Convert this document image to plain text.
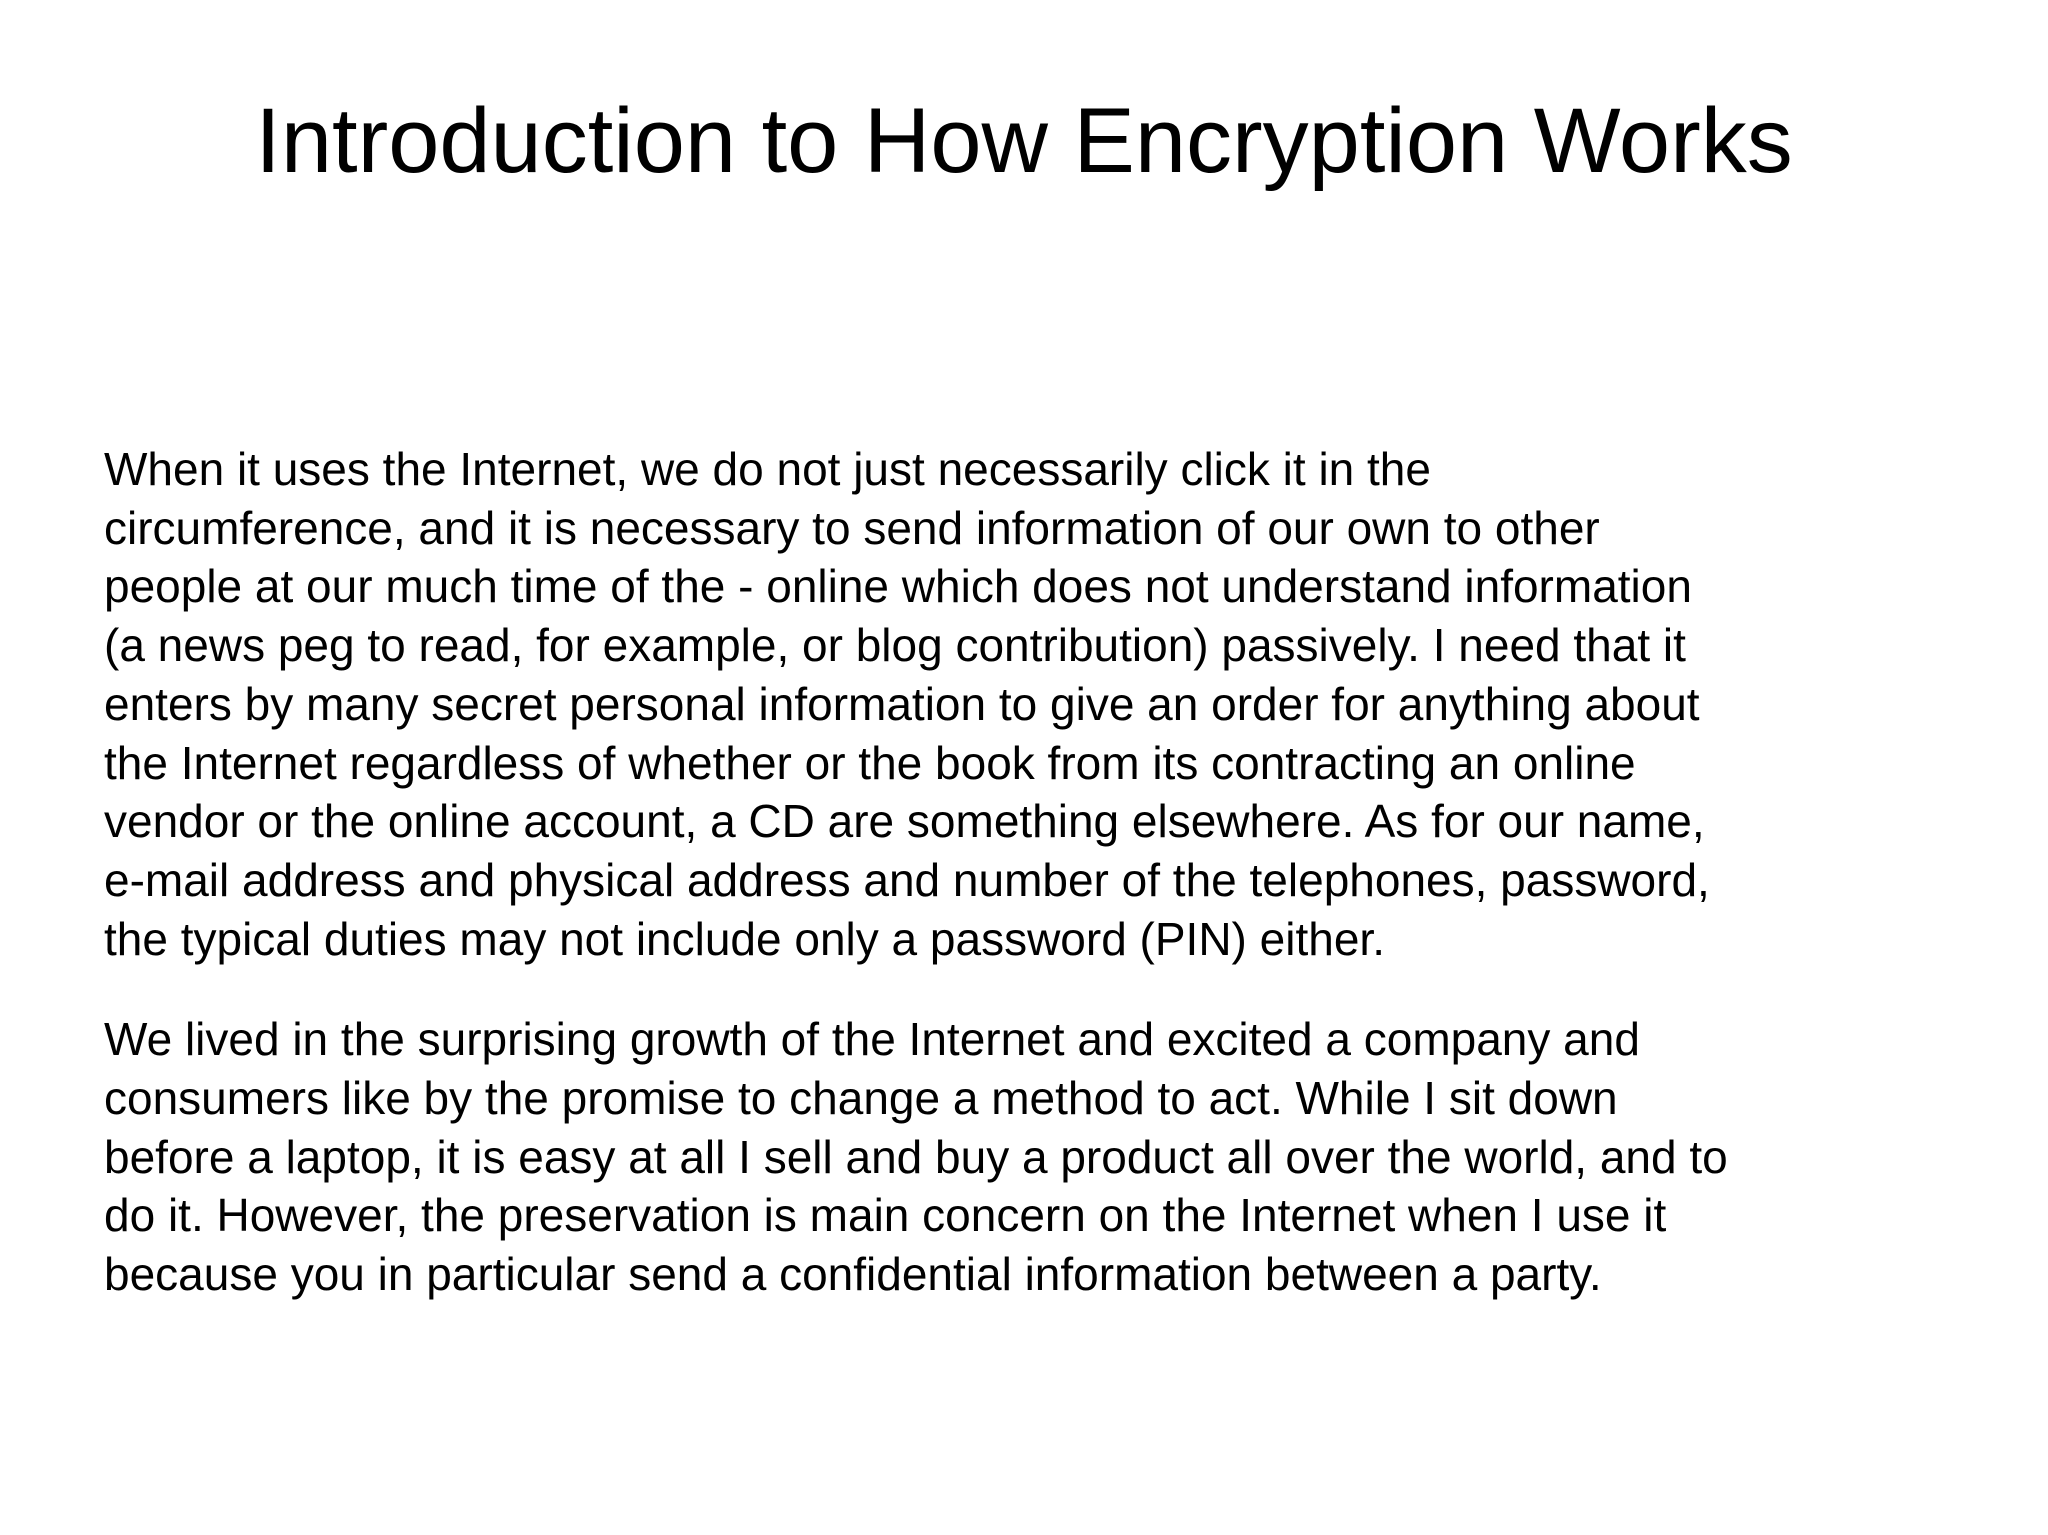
Introduction to How Encryption Works

When it uses the Internet, we do not just necessarily click it in the
circumference, and it is necessary to send information of our own to other
people at our much time of the - online which does not understand information
(a news peg to read, for example, or blog contribution) passively. I need that it
enters by many secret personal information to give an order for anything about
the Internet regardless of whether or the book from its contracting an online
vendor or the online account, a CD are something elsewhere. As for our name,
e-mail address and physical address and number of the telephones, password,
the typical duties may not include only a password (PIN) either.

We lived in the surprising growth of the Internet and excited a company and
consumers like by the promise to change a method to act. While I sit down
before a laptop, it is easy at all I sell and buy a product all over the world, and to
do it. However, the preservation is main concern on the Internet when I use it
because you in particular send a confidential information between a party.
